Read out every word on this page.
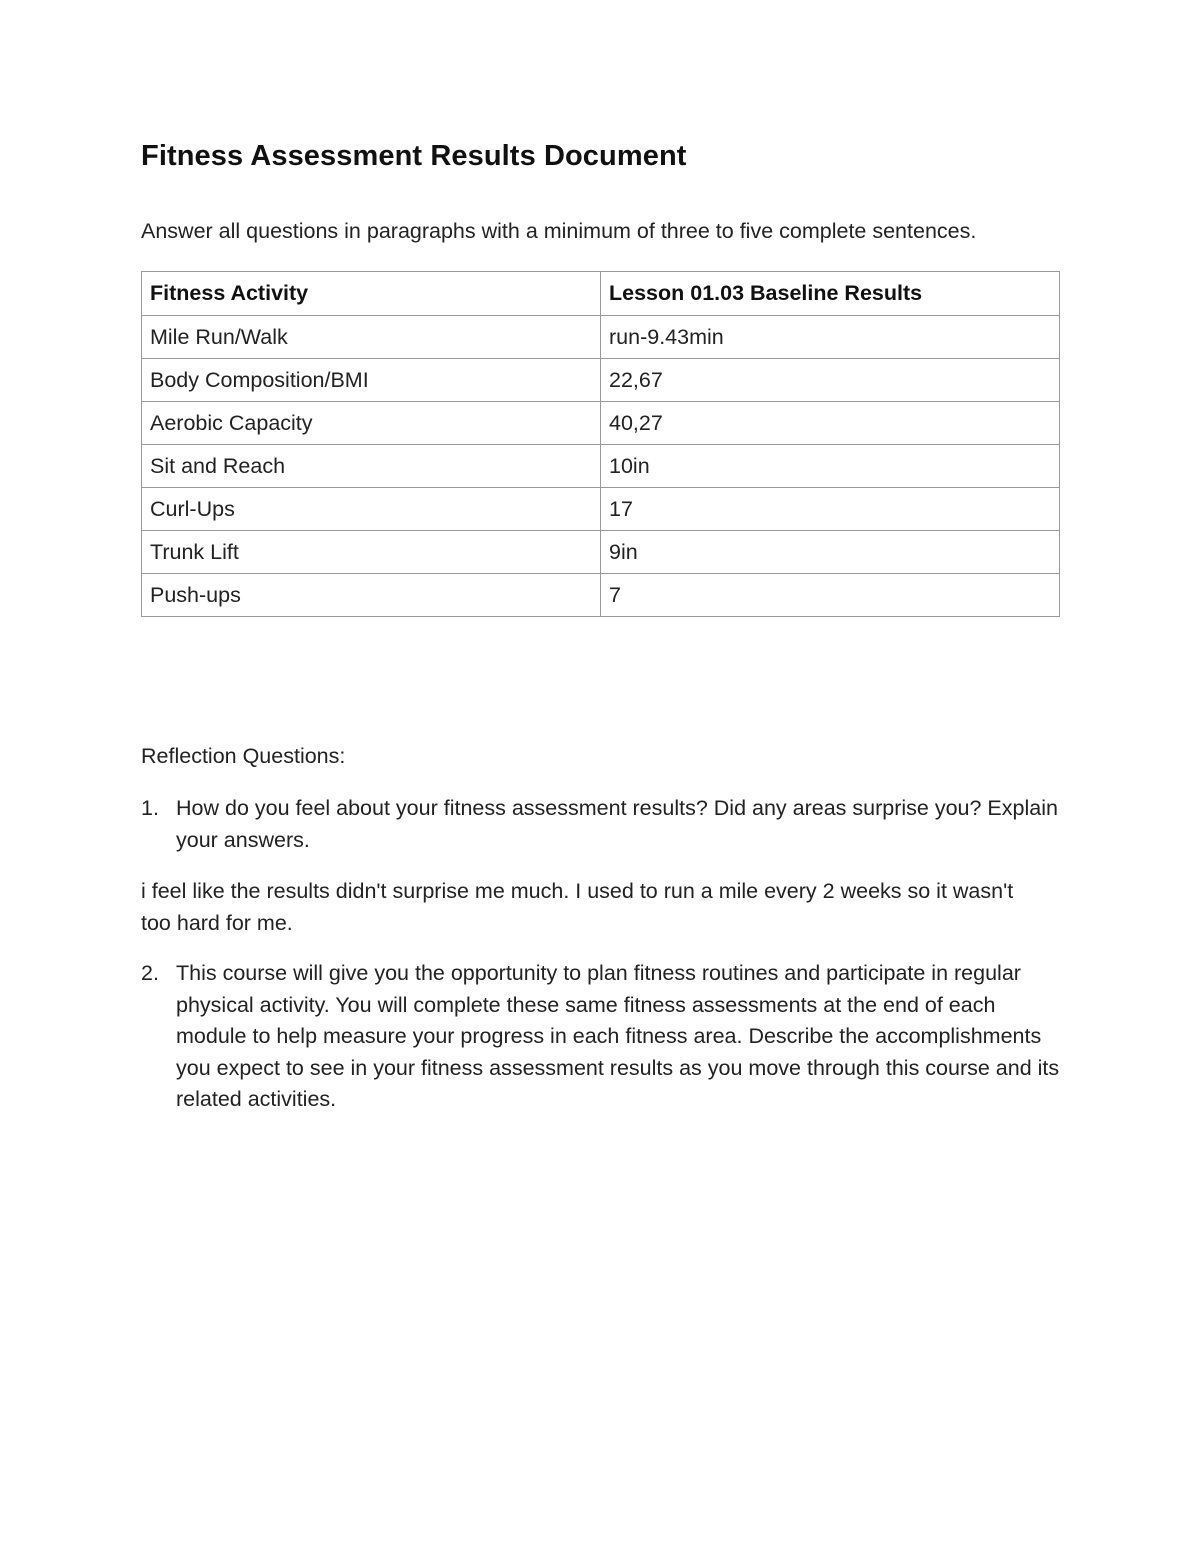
Fitness Assessment Results Document

Answer all questions in paragraphs with a minimum of three to five complete sentences.

Fitness Activity	Lesson 01.03 Baseline Results
Mile Run/Walk	run-9.43min
Body Composition/BMI	22,67
Aerobic Capacity	40,27
Sit and Reach	10in
Curl-Ups	17
Trunk Lift	9in
Push-ups	7

Reflection Questions:

1. How do you feel about your fitness assessment results? Did any areas surprise you? Explain your answers.

i feel like the results didn't surprise me much. I used to run a mile every 2 weeks so it wasn't too hard for me.

2. This course will give you the opportunity to plan fitness routines and participate in regular physical activity. You will complete these same fitness assessments at the end of each module to help measure your progress in each fitness area. Describe the accomplishments you expect to see in your fitness assessment results as you move through this course and its related activities.
